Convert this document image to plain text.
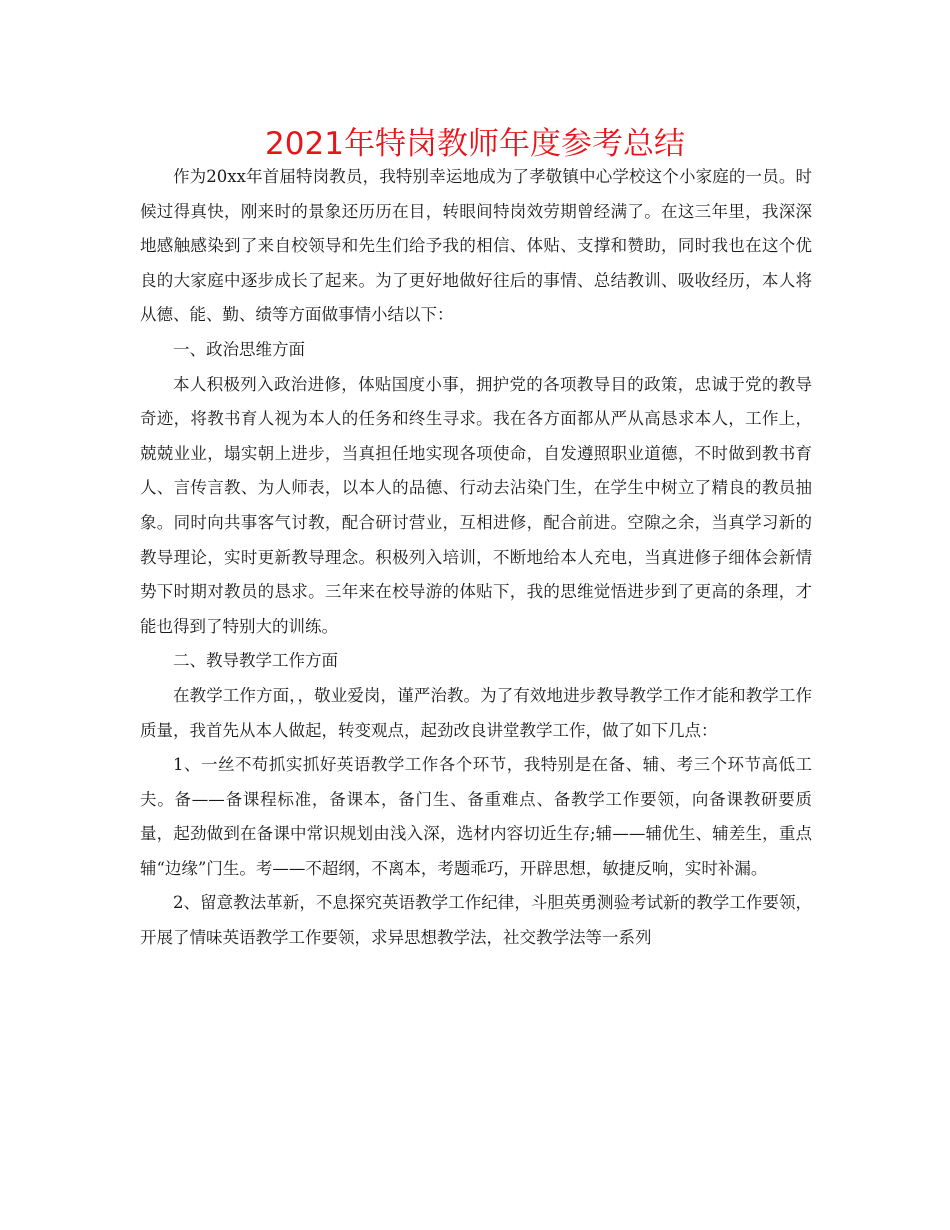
2021年特岗教师年度参考总结

作为20xx年首届特岗教员，我特别幸运地成为了孝敬镇中心学校这个小家庭的一员。时候过得真快，刚来时的景象还历历在目，转眼间特岗效劳期曾经满了。在这三年里，我深深地感触感染到了来自校领导和先生们给予我的相信、体贴、支撑和赞助，同时我也在这个优良的大家庭中逐步成长了起来。为了更好地做好往后的事情、总结教训、吸收经历，本人将从德、能、勤、绩等方面做事情小结以下：

一、政治思维方面

本人积极列入政治进修，体贴国度小事，拥护党的各项教导目的政策，忠诚于党的教导奇迹，将教书育人视为本人的任务和终生寻求。我在各方面都从严从高恳求本人，工作上，兢兢业业，塌实朝上进步，当真担任地实现各项使命，自发遵照职业道德，不时做到教书育人、言传言教、为人师表，以本人的品德、行动去沾染门生，在学生中树立了精良的教员抽象。同时向共事客气讨教，配合研讨营业，互相进修，配合前进。空隙之余，当真学习新的教导理论，实时更新教导理念。积极列入培训，不断地给本人充电，当真进修子细体会新情势下时期对教员的恳求。三年来在校导游的体贴下，我的思维觉悟进步到了更高的条理，才能也得到了特别大的训练。

二、教导教学工作方面

在教学工作方面，，敬业爱岗，谨严治教。为了有效地进步教导教学工作才能和教学工作质量，我首先从本人做起，转变观点，起劲改良讲堂教学工作，做了如下几点：

1、一丝不苟抓实抓好英语教学工作各个环节，我特别是在备、辅、考三个环节高低工夫。备——备课程标准，备课本，备门生、备重难点、备教学工作要领，向备课教研要质量，起劲做到在备课中常识规划由浅入深，选材内容切近生存;辅——辅优生、辅差生，重点辅“边缘”门生。考——不超纲，不离本，考题乖巧，开辟思想，敏捷反响，实时补漏。

2、留意教法革新，不息探究英语教学工作纪律，斗胆英勇测验考试新的教学工作要领，开展了情味英语教学工作要领，求异思想教学法，社交教学法等一系列
